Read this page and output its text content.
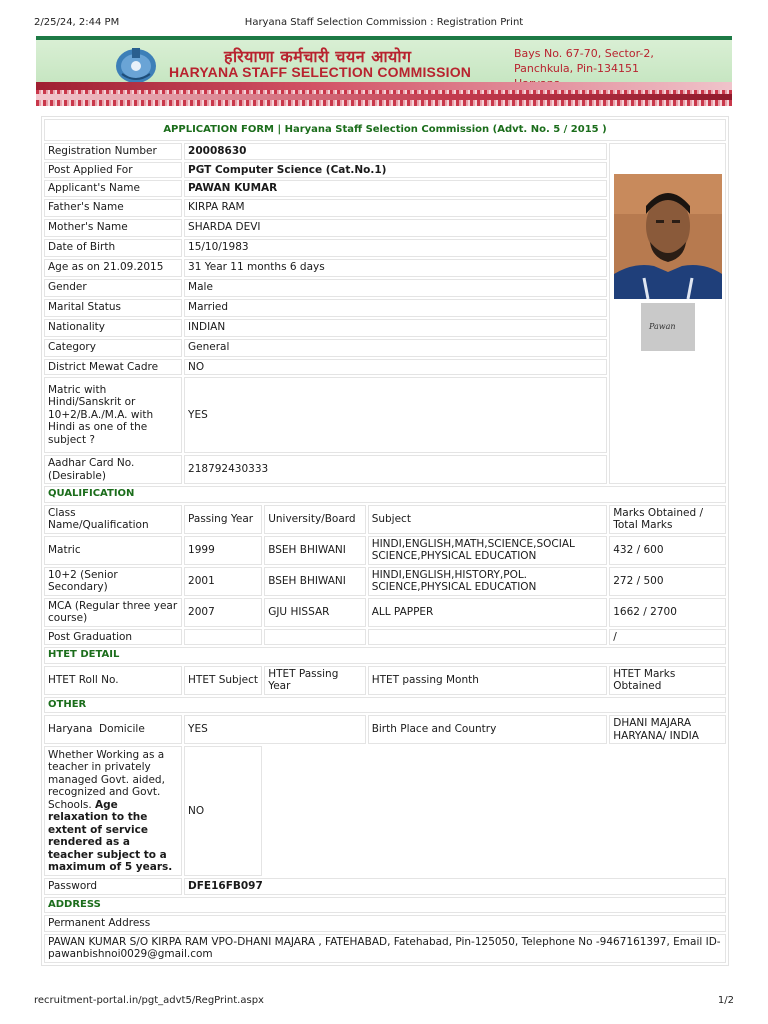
2/25/24, 2:44 PM	Haryana Staff Selection Commission : Registration Print
हरियाणा कर्मचारी चयन आयोग
HARYANA STAFF SELECTION COMMISSION
Bays No. 67-70, Sector-2,
Panchkula, Pin-134151
APPLICATION FORM | Haryana Staff Selection Commission (Advt. No. 5 / 2015 )				
Registration Number	20008630			Pawan

Post Applied For	PGT Computer Science (Cat.No.1)			
Applicant's Name	PAWAN KUMAR			
Father's Name	KIRPA RAM			
Mother's Name	SHARDA DEVI			
Date of Birth	15/10/1983			
Age as on 21.09.2015	31 Year 11 months 6 days			
Gender	Male			
Marital Status	Married			
Nationality	INDIAN			
Category	General			
District Mewat Cadre	NO			
Matric with Hindi/Sanskrit or 10+2/B.A./M.A. with Hindi as one of the subject ?	YES			
Aadhar Card No. (Desirable)	218792430333			
QUALIFICATION				
Class Name/Qualification	Passing Year	University/Board	Subject	Marks Obtained / Total Marks
Matric	1999	BSEH BHIWANI	HINDI,ENGLISH,MATH,SCIENCE,SOCIAL SCIENCE,PHYSICAL EDUCATION	432 / 600
10+2 (Senior Secondary)	2001	BSEH BHIWANI	HINDI,ENGLISH,HISTORY,POL. SCIENCE,PHYSICAL EDUCATION	272 / 500
MCA (Regular three year course)	2007	GJU HISSAR	ALL PAPPER	1662 / 2700
Post Graduation				/
HTET DETAIL				
HTET Roll No.	HTET Subject	HTET Passing Year	HTET passing Month	HTET Marks Obtained
OTHER				
Haryana  Domicile	YES		Birth Place and Country	DHANI MAJARA HARYANA/ INDIA
Whether Working as a teacher in privately managed Govt. aided, recognized and Govt. Schools. Age relaxation to the extent of service rendered as a teacher subject to a maximum of 5 years.	NO			
Password	DFE16FB097			
ADDRESS				
Permanent Address				
PAWAN KUMAR S/O KIRPA RAM VPO-DHANI MAJARA , FATEHABAD, Fatehabad, Pin-125050, Telephone No -9467161397, Email ID-pawanbishnoi0029@gmail.com				
recruitment-portal.in/pgt_advt5/RegPrint.aspx	1/2
